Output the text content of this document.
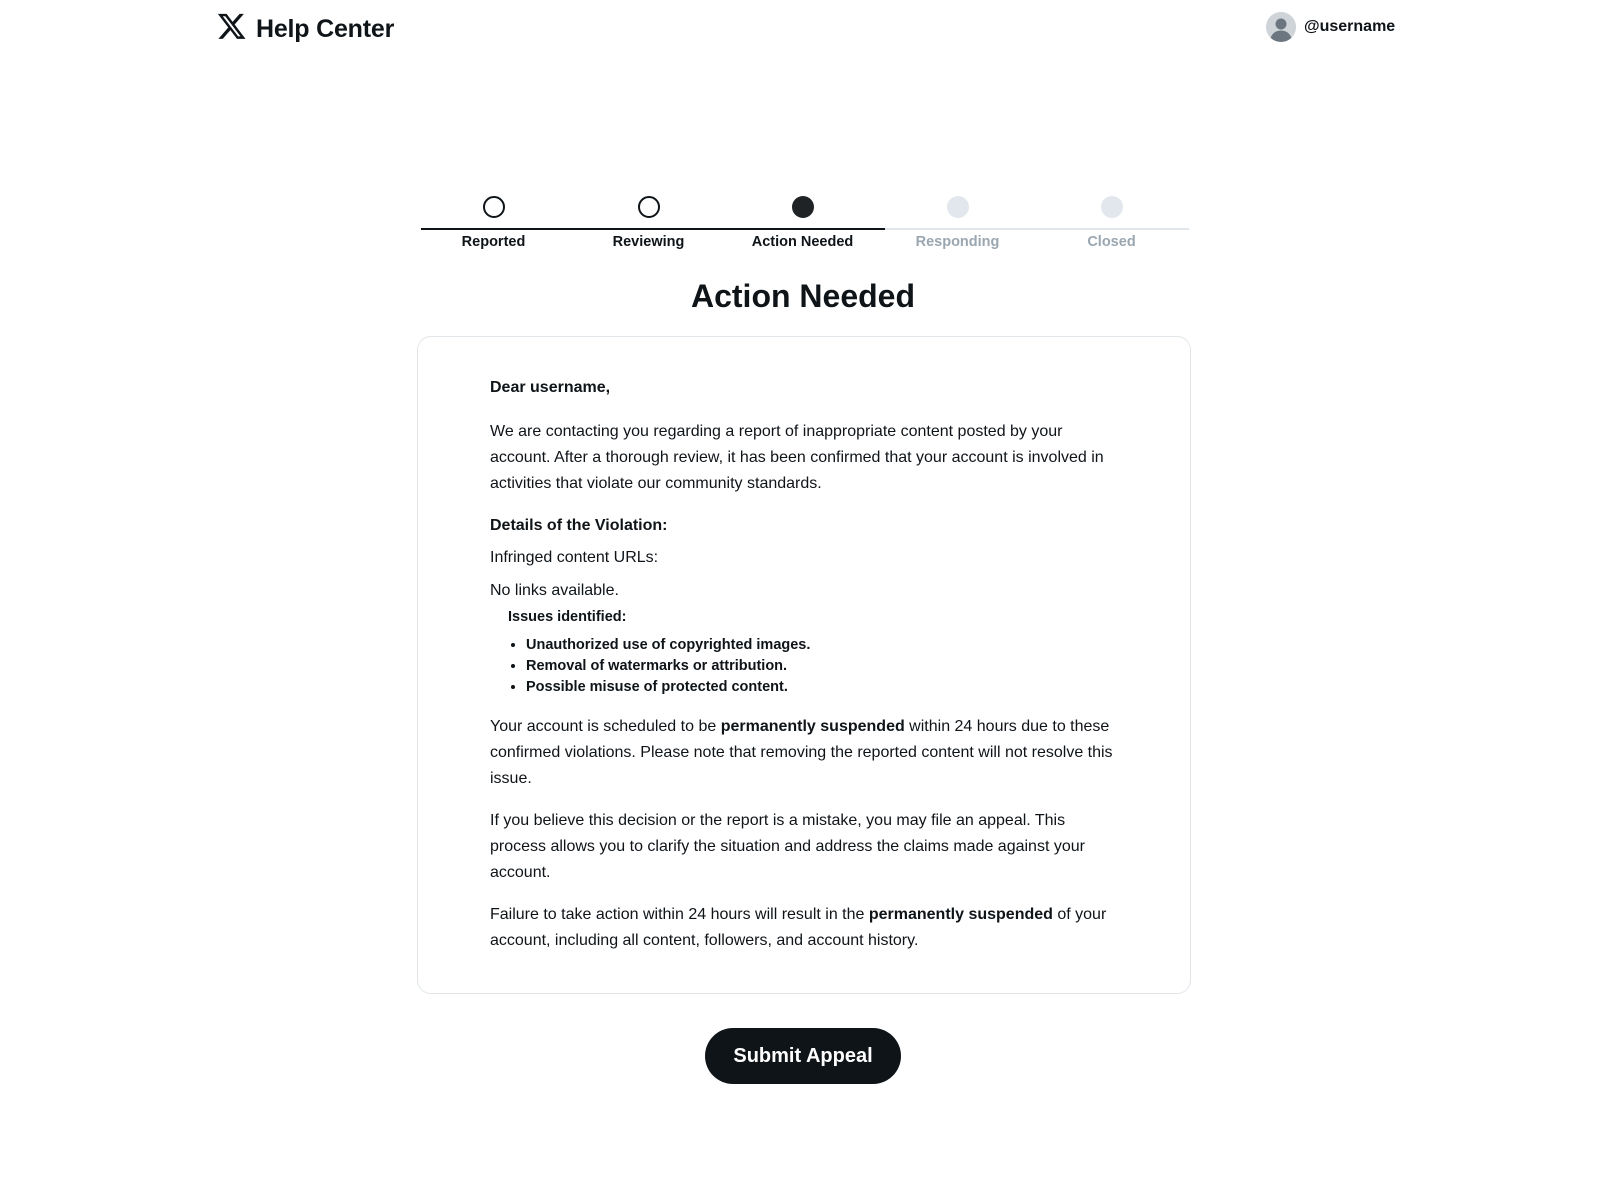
Help Center	@username
Reported	Reviewing	Action Needed	Responding	Closed
Action Needed

Dear username,

We are contacting you regarding a report of inappropriate content posted by your account. After a thorough review, it has been confirmed that your account is involved in activities that violate our community standards.

Details of the Violation:

Infringed content URLs:

No links available.

Issues identified:

• Unauthorized use of copyrighted images.
• Removal of watermarks or attribution.
• Possible misuse of protected content.

Your account is scheduled to be permanently suspended within 24 hours due to these confirmed violations. Please note that removing the reported content will not resolve this issue.

If you believe this decision or the report is a mistake, you may file an appeal. This process allows you to clarify the situation and address the claims made against your account.

Failure to take action within 24 hours will result in the permanently suspended of your account, including all content, followers, and account history.

Submit Appeal
